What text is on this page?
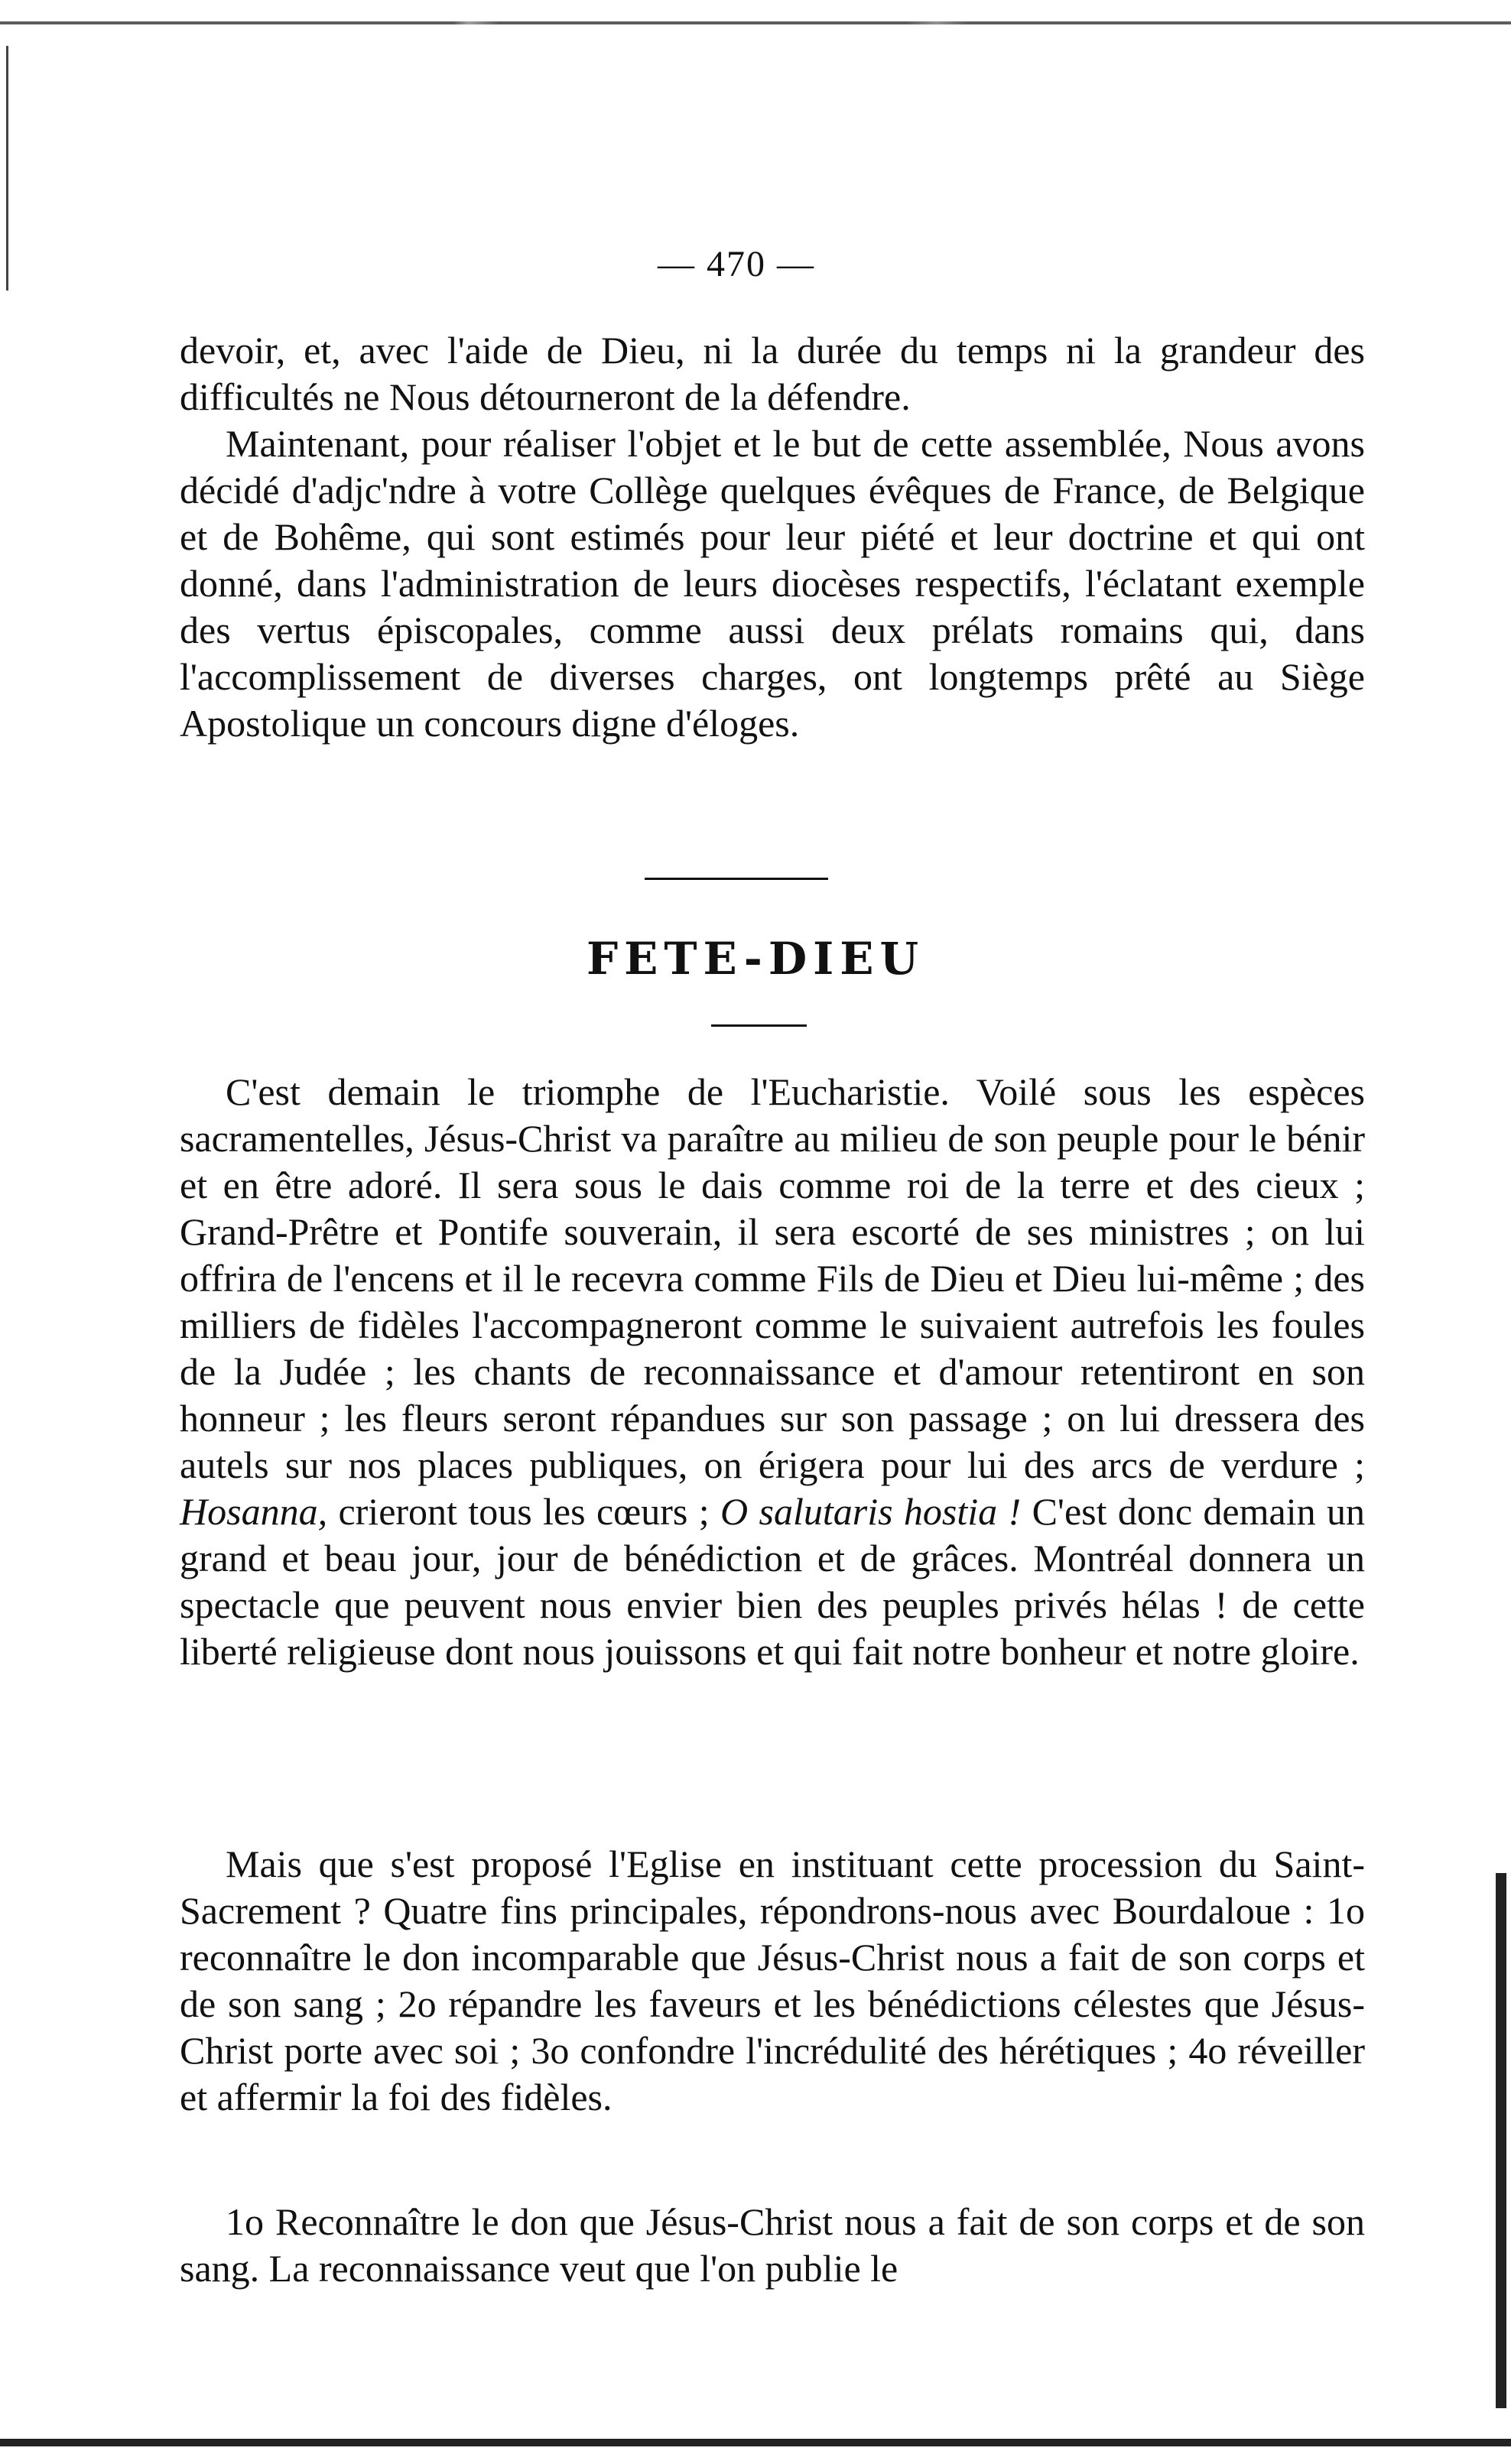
— 470 —

devoir, et, avec l'aide de Dieu, ni la durée du temps ni la grandeur des difficultés ne Nous détourneront de la défendre.

Maintenant, pour réaliser l'objet et le but de cette assemblée, Nous avons décidé d'adjc'ndre à votre Collège quelques évêques de France, de Belgique et de Bohême, qui sont estimés pour leur piété et leur doctrine et qui ont donné, dans l'administration de leurs diocèses respectifs, l'éclatant exemple des vertus épiscopales, comme aussi deux prélats romains qui, dans l'accomplissement de diverses charges, ont longtemps prêté au Siège Apostolique un concours digne d'éloges.

FETE-DIEU

C'est demain le triomphe de l'Eucharistie. Voilé sous les espèces sacramentelles, Jésus-Christ va paraître au milieu de son peuple pour le bénir et en être adoré. Il sera sous le dais comme roi de la terre et des cieux ; Grand-Prêtre et Pontife souverain, il sera escorté de ses ministres ; on lui offrira de l'encens et il le recevra comme Fils de Dieu et Dieu lui-même ; des milliers de fidèles l'accompagneront comme le suivaient autrefois les foules de la Judée ; les chants de reconnaissance et d'amour retentiront en son honneur ; les fleurs seront répandues sur son passage ; on lui dressera des autels sur nos places publiques, on érigera pour lui des arcs de verdure ; Hosanna, crieront tous les cœurs ; O salutaris hostia ! C'est donc demain un grand et beau jour, jour de bénédiction et de grâces. Montréal donnera un spectacle que peuvent nous envier bien des peuples privés hélas ! de cette liberté religieuse dont nous jouissons et qui fait notre bonheur et notre gloire.

Mais que s'est proposé l'Eglise en instituant cette procession du Saint-Sacrement ? Quatre fins principales, répondrons-nous avec Bourdaloue : 1o reconnaître le don incomparable que Jésus-Christ nous a fait de son corps et de son sang ; 2o répandre les faveurs et les bénédictions célestes que Jésus-Christ porte avec soi ; 3o confondre l'incrédulité des hérétiques ; 4o réveiller et affermir la foi des fidèles.

1o Reconnaître le don que Jésus-Christ nous a fait de son corps et de son sang. La reconnaissance veut que l'on publie le
